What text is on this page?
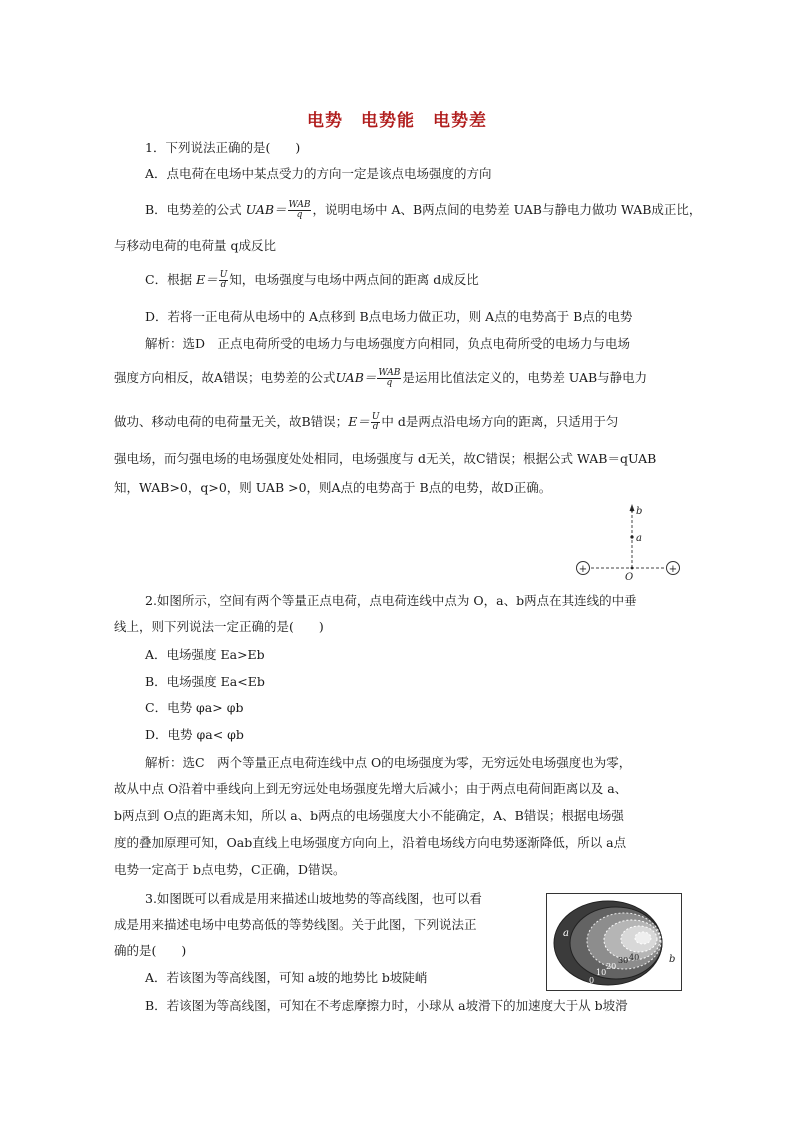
电势　电势能　电势差
1．下列说法正确的是(　　)
A．点电荷在电场中某点受力的方向一定是该点电场强度的方向
B．电势差的公式 $UAB= \frac{\text{WAB}}{q}$ ，说明电场中 A、B两点间的电势差 UAB与静电力做功 WAB成正比，
与移动电荷的电荷量 q成反比
C．根据 $E= \frac{U}{d}$ 知，电场强度与电场中两点间的距离 d成反比
D．若将一正电荷从电场中的 A点移到 B点电场力做正功，则 A点的电势高于 B点的电势
解析：选D　正点电荷所受的电场力与电场强度方向相同，负点电荷所受的电场力与电场
强度方向相反，故A错误；电势差的公式$UAB= \frac{\text{WAB}}{q}$ 是运用比值法定义的，电势差 UAB与静电力
做功、移动电荷的电荷量无关，故B错误；$E= \frac{U}{d}$ 中 d是两点沿电场方向的距离，只适用于匀
强电场，而匀强电场的电场强度处处相同，电场强度与 d无关，故C错误；根据公式 WAB＝qUAB
知，WAB>0，q>0，则 UAB >0，则A点的电势高于 B点的电势，故D正确。
+	+
b
a
O
2.如图所示，空间有两个等量正点电荷，点电荷连线中点为 O，a、b两点在其连线的中垂
线上，则下列说法一定正确的是(　　)
A．电场强度 Ea>Eb
B．电场强度 Ea<Eb
C．电势 φa> φb
D．电势 φa< φb
解析：选C　两个等量正点电荷连线中点 O的电场强度为零，无穷远处电场强度也为零，
故从中点 O沿着中垂线向上到无穷远处电场强度先增大后减小；由于两点电荷间距离以及 a、
b两点到 O点的距离未知，所以 a、b两点的电场强度大小不能确定，A、B错误；根据电场强
度的叠加原理可知，Oab直线上电场强度方向向上，沿着电场线方向电势逐渐降低，所以 a点
电势一定高于 b点电势，C正确，D错误。
3.如图既可以看成是用来描述山坡地势的等高线图，也可以看
成是用来描述电场中电势高低的等势线图。关于此图，下列说法正
确的是(　　)
A．若该图为等高线图，可知 a坡的地势比 b坡陡峭
B．若该图为等高线图，可知在不考虑摩擦力时，小球从 a坡滑下的加速度大于从 b坡滑
a
b
0
10
20
30 40
